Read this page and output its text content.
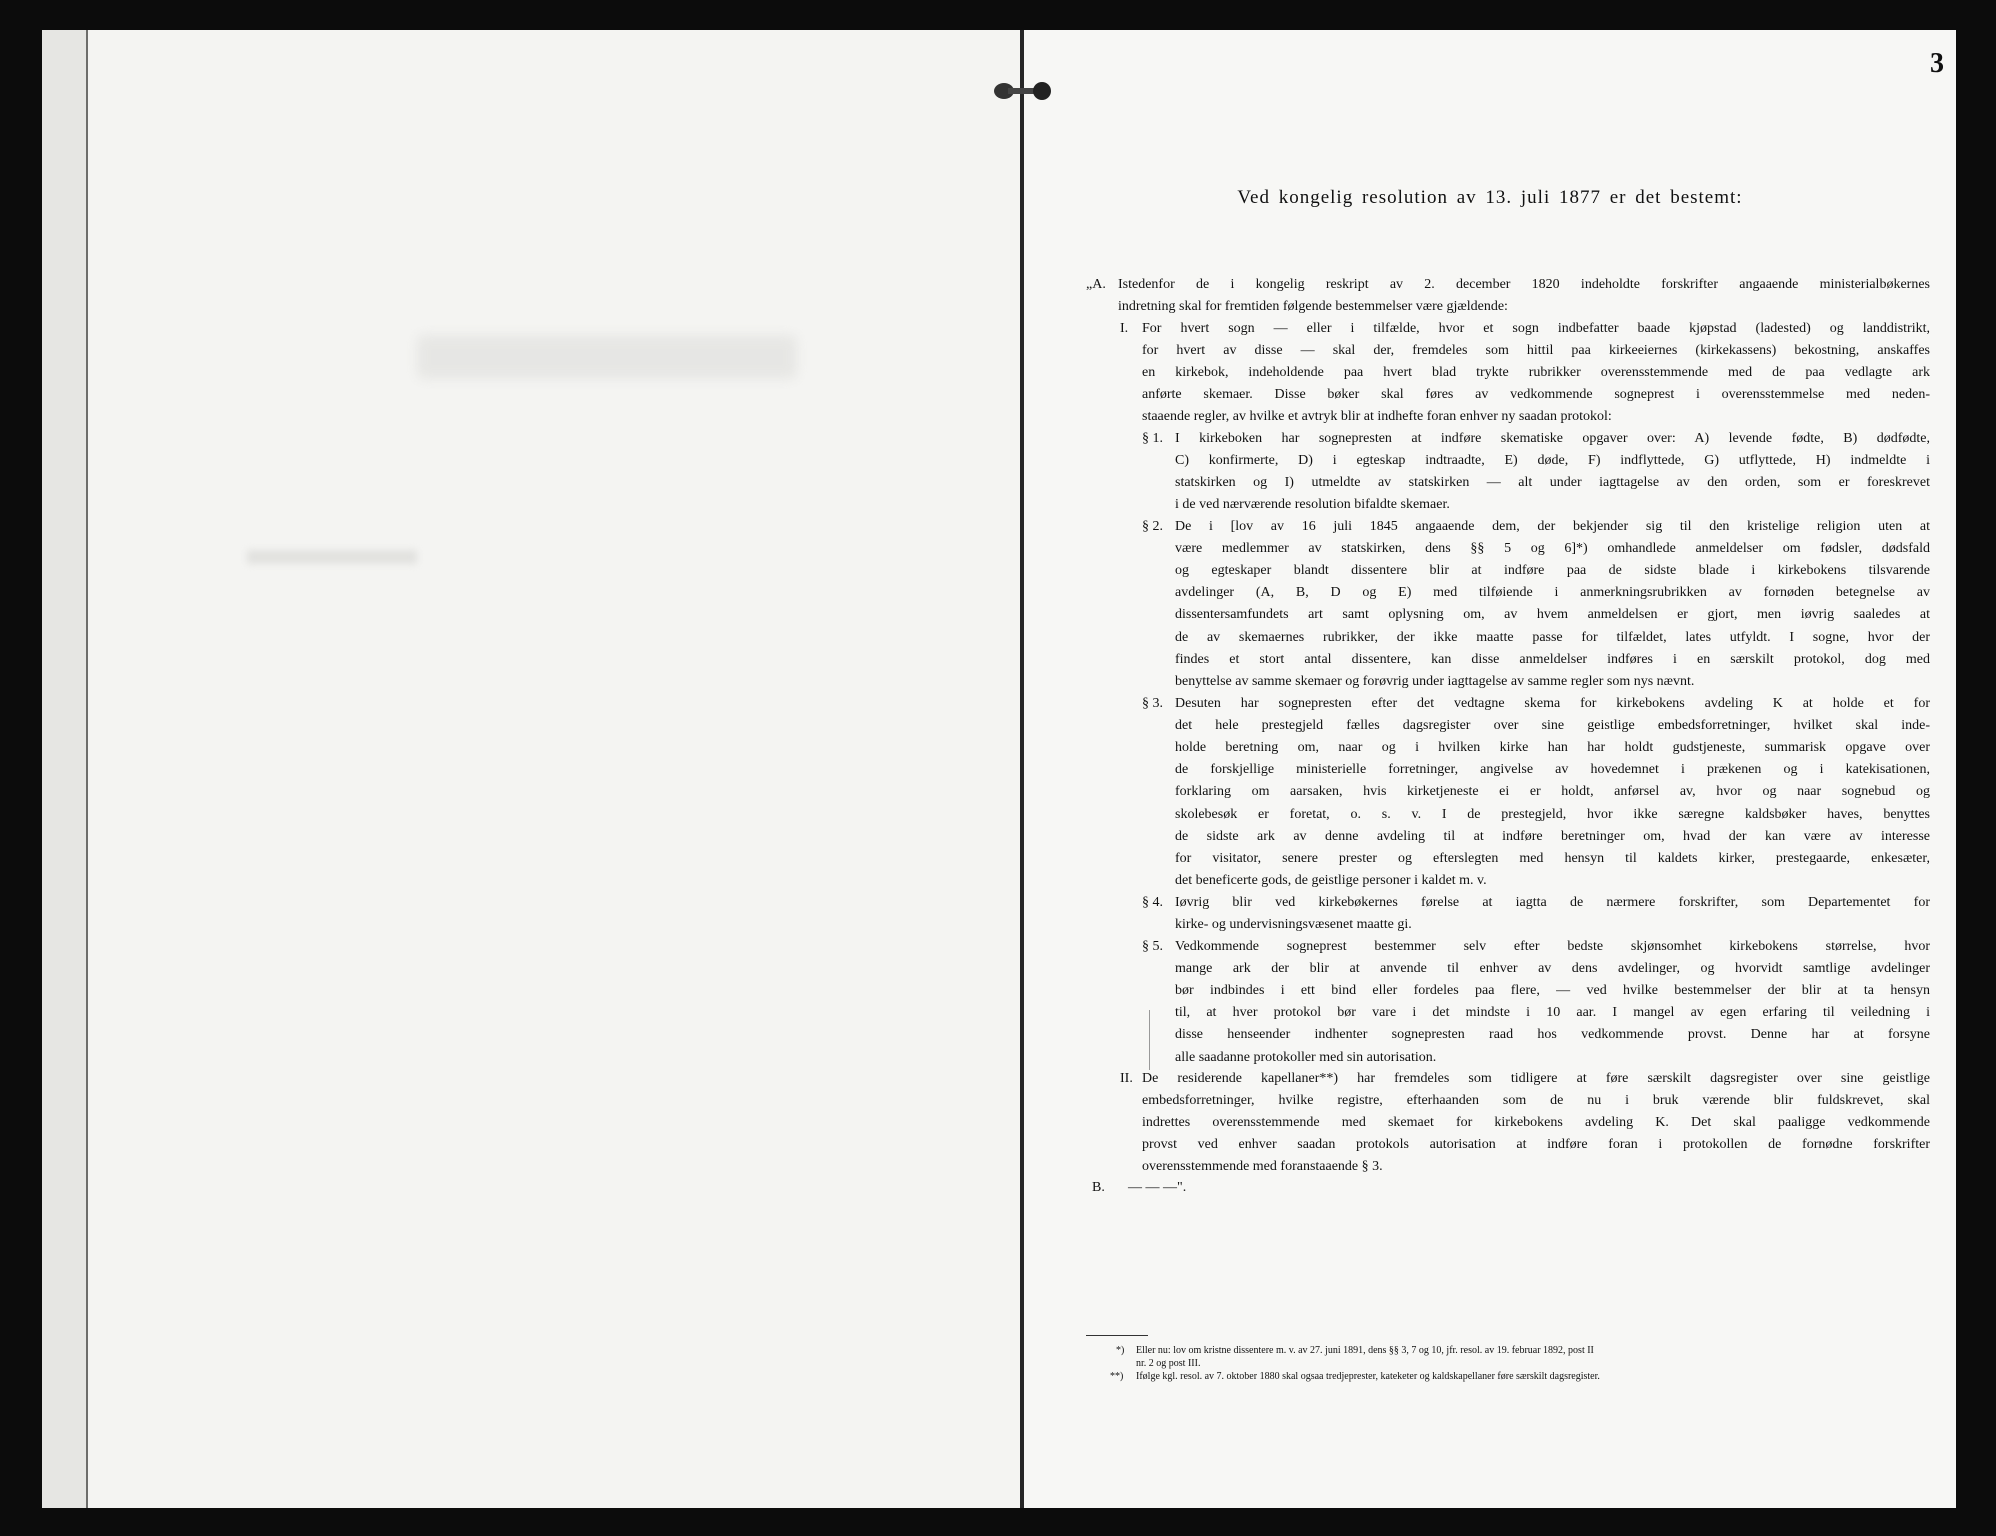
3
Ved kongelig resolution av 13. juli 1877 er det bestemt:
„A. Istedenfor de i kongelig reskript av 2. december 1820 indeholdte forskrifter angaaende ministerialbøkernes
indretning skal for fremtiden følgende bestemmelser være gjældende:
I. For hvert sogn — eller i tilfælde, hvor et sogn indbefatter baade kjøpstad (ladested) og landdistrikt,
for hvert av disse — skal der, fremdeles som hittil paa kirkeeiernes (kirkekassens) bekostning, anskaffes
en kirkebok, indeholdende paa hvert blad trykte rubrikker overensstemmende med de paa vedlagte ark
anførte skemaer. Disse bøker skal føres av vedkommende sogneprest i overensstemmelse med neden-
staaende regler, av hvilke et avtryk blir at indhefte foran enhver ny saadan protokol:
§ 1. I kirkeboken har sognepresten at indføre skematiske opgaver over: A) levende fødte, B) dødfødte,
C) konfirmerte, D) i egteskap indtraadte, E) døde, F) indflyttede, G) utflyttede, H) indmeldte i
statskirken og I) utmeldte av statskirken — alt under iagttagelse av den orden, som er foreskrevet
i de ved nærværende resolution bifaldte skemaer.
§ 2. De i [lov av 16 juli 1845 angaaende dem, der bekjender sig til den kristelige religion uten at
være medlemmer av statskirken, dens §§ 5 og 6]*) omhandlede anmeldelser om fødsler, dødsfald
og egteskaper blandt dissentere blir at indføre paa de sidste blade i kirkebokens tilsvarende
avdelinger (A, B, D og E) med tilføiende i anmerkningsrubrikken av fornøden betegnelse av
dissentersamfundets art samt oplysning om, av hvem anmeldelsen er gjort, men iøvrig saaledes at
de av skemaernes rubrikker, der ikke maatte passe for tilfældet, lates utfyldt. I sogne, hvor der
findes et stort antal dissentere, kan disse anmeldelser indføres i en særskilt protokol, dog med
benyttelse av samme skemaer og forøvrig under iagttagelse av samme regler som nys nævnt.
§ 3. Desuten har sognepresten efter det vedtagne skema for kirkebokens avdeling K at holde et for
det hele prestegjeld fælles dagsregister over sine geistlige embedsforretninger, hvilket skal inde-
holde beretning om, naar og i hvilken kirke han har holdt gudstjeneste, summarisk opgave over
de forskjellige ministerielle forretninger, angivelse av hovedemnet i prækenen og i katekisationen,
forklaring om aarsaken, hvis kirketjeneste ei er holdt, anførsel av, hvor og naar sognebud og
skolebesøk er foretat, o. s. v. I de prestegjeld, hvor ikke særegne kaldsbøker haves, benyttes
de sidste ark av denne avdeling til at indføre beretninger om, hvad der kan være av interesse
for visitator, senere prester og efterslegten med hensyn til kaldets kirker, prestegaarde, enkesæter,
det beneficerte gods, de geistlige personer i kaldet m. v.
§ 4. Iøvrig blir ved kirkebøkernes førelse at iagtta de nærmere forskrifter, som Departementet for
kirke- og undervisningsvæsenet maatte gi.
§ 5. Vedkommende sogneprest bestemmer selv efter bedste skjønsomhet kirkebokens størrelse, hvor
mange ark der blir at anvende til enhver av dens avdelinger, og hvorvidt samtlige avdelinger
bør indbindes i ett bind eller fordeles paa flere, — ved hvilke bestemmelser der blir at ta hensyn
til, at hver protokol bør vare i det mindste i 10 aar. I mangel av egen erfaring til veiledning i
disse henseender indhenter sognepresten raad hos vedkommende provst. Denne har at forsyne
alle saadanne protokoller med sin autorisation.
II. De residerende kapellaner**) har fremdeles som tidligere at føre særskilt dagsregister over sine geistlige
embedsforretninger, hvilke registre, efterhaanden som de nu i bruk værende blir fuldskrevet, skal
indrettes overensstemmende med skemaet for kirkebokens avdeling K. Det skal paaligge vedkommende
provst ved enhver saadan protokols autorisation at indføre foran i protokollen de fornødne forskrifter
overensstemmende med foranstaaende § 3.
B. — — —".
*) Eller nu: lov om kristne dissentere m. v. av 27. juni 1891, dens §§ 3, 7 og 10, jfr. resol. av 19. februar 1892, post II
nr. 2 og post III.
**) Ifølge kgl. resol. av 7. oktober 1880 skal ogsaa tredjeprester, kateketer og kaldskapellaner føre særskilt dagsregister.
